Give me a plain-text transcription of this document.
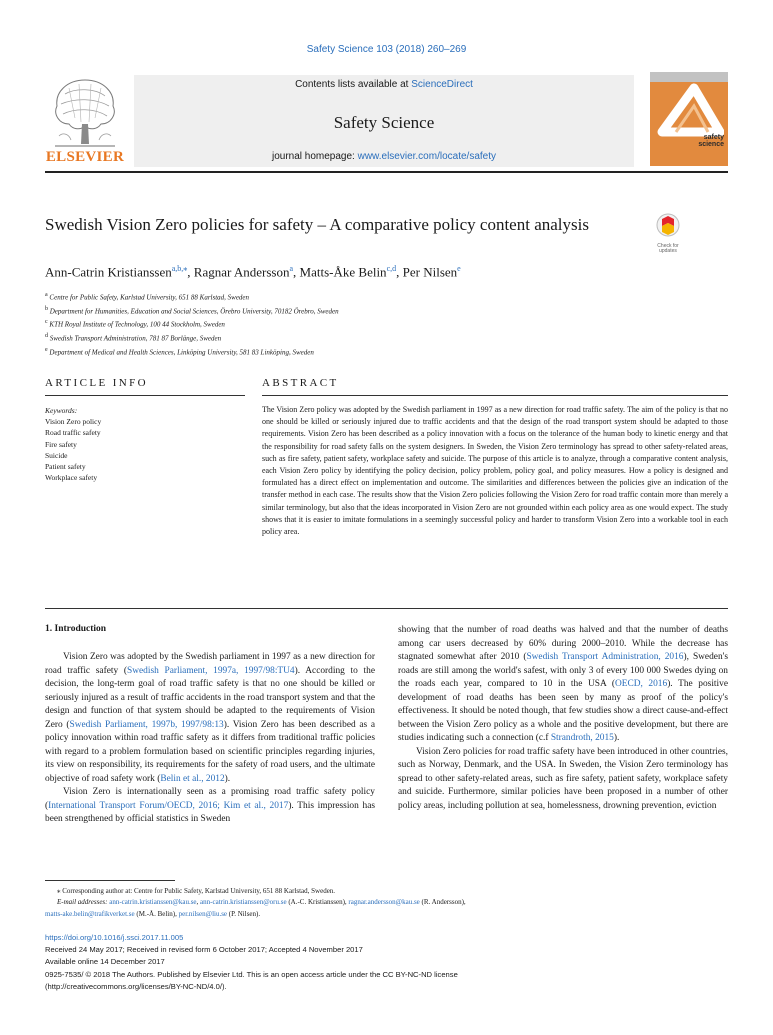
Safety Science 103 (2018) 260–269
ELSEVIER
Contents lists available at ScienceDirect
Safety Science
journal homepage: www.elsevier.com/locate/safety
safety science
Swedish Vision Zero policies for safety – A comparative policy content analysis
Check for updates
Ann-Catrin Kristianssen$^{a,b,⁎}$, Ragnar Andersson$^a$, Matts-Åke Belin$^{c,d}$, Per Nilsen$^e$
$^a$ Centre for Public Safety, Karlstad University, 651 88 Karlstad, Sweden
$^b$ Department for Humanities, Education and Social Sciences, Örebro University, 70182 Örebro, Sweden
$^c$ KTH Royal Institute of Technology, 100 44 Stockholm, Sweden
$^d$ Swedish Transport Administration, 781 87 Borlänge, Sweden
$^e$ Department of Medical and Health Sciences, Linköping University, 581 83 Linköping, Sweden
ARTICLE INFO	ABSTRACT
Keywords:
Vision Zero policy
Road traffic safety
Fire safety
Suicide
Patient safety
Workplace safety
The Vision Zero policy was adopted by the Swedish parliament in 1997 as a new direction for road traffic safety. The aim of the policy is that no one should be killed or seriously injured due to traffic accidents and that the design of the road transport system should be adapted to those requirements. Vision Zero has been described as a policy innovation with a focus on the tolerance of the human body to kinetic energy and that the responsibility for road safety falls on the system designers. In Sweden, the Vision Zero terminology has spread to other safety-related areas, such as fire safety, patient safety, workplace safety and suicide. The purpose of this article is to analyze, through a comparative content analysis, each Vision Zero policy by identifying the policy decision, policy problem, policy goal, and policy measures. How a policy is designed and formulated has a direct effect on implementation and outcome. The similarities and differences between the policies give an indication of the transfer method in each case. The results show that the Vision Zero policies following the Vision Zero for road traffic contain more than merely a similar terminology, but also that the ideas incorporated in Vision Zero are not grounded within each policy area as one would expect. The study shows that it is easier to imitate formulations in a seemingly successful policy and harder to transform Vision Zero into a workable tool in each policy area.
1. Introduction

Vision Zero was adopted by the Swedish parliament in 1997 as a new direction for road traffic safety (Swedish Parliament, 1997a, 1997/98:TU4). According to the decision, the long-term goal of road traffic safety is that no one should be killed or seriously injured as a result of traffic accidents in the road transport system and that the design and function of that system should be adapted to the requirements of Vision Zero (Swedish Parliament, 1997b, 1997/98:13). Vision Zero has been described as a policy innovation within road traffic safety as it differs from traditional traffic policies with regard to a problem formulation based on scientific principles regarding injuries, its view on responsibility, its requirements for the safety of road users, and the ultimate objective of road safety work (Belin et al., 2012).

Vision Zero is internationally seen as a promising road traffic safety policy (International Transport Forum/OECD, 2016; Kim et al., 2017). This impression has been strengthened by official statistics in Sweden

showing that the number of road deaths was halved and that the number of deaths among car users decreased by 60% during 2000–2010. While the decrease has stagnated somewhat after 2010 (Swedish Transport Administration, 2016), Sweden's roads are still among the world's safest, with only 3 of every 100 000 Swedes dying on the roads each year, compared to 10 in the USA (OECD, 2016). The positive development of road deaths has been seen by many as proof of the policy's effectiveness. It should be noted though, that few studies show a direct cause-and-effect between the Vision Zero policy as a whole and the positive development, but there are studies indicating such a connection (c.f Strandroth, 2015).

Vision Zero policies for road traffic safety have been introduced in other countries, such as Norway, Denmark, and the USA. In Sweden, the Vision Zero terminology has spread to other safety-related areas, such as fire safety, patient safety, workplace safety and suicide. Furthermore, similar policies have been proposed in a number of other policy areas, including pollution at sea, homelessness, drowning prevention, eviction

⁎ Corresponding author at: Centre for Public Safety, Karlstad University, 651 88 Karlstad, Sweden.
E-mail addresses: ann-catrin.kristianssen@kau.se, ann-catrin.kristianssen@oru.se (A.-C. Kristianssen), ragnar.andersson@kau.se (R. Andersson),
matts-ake.belin@trafikverket.se (M.-Å. Belin), per.nilsen@liu.se (P. Nilsen).
https://doi.org/10.1016/j.ssci.2017.11.005
Received 24 May 2017; Received in revised form 6 October 2017; Accepted 4 November 2017
Available online 14 December 2017
0925-7535/ © 2018 The Authors. Published by Elsevier Ltd. This is an open access article under the CC BY-NC-ND license
(http://creativecommons.org/licenses/BY-NC-ND/4.0/).
